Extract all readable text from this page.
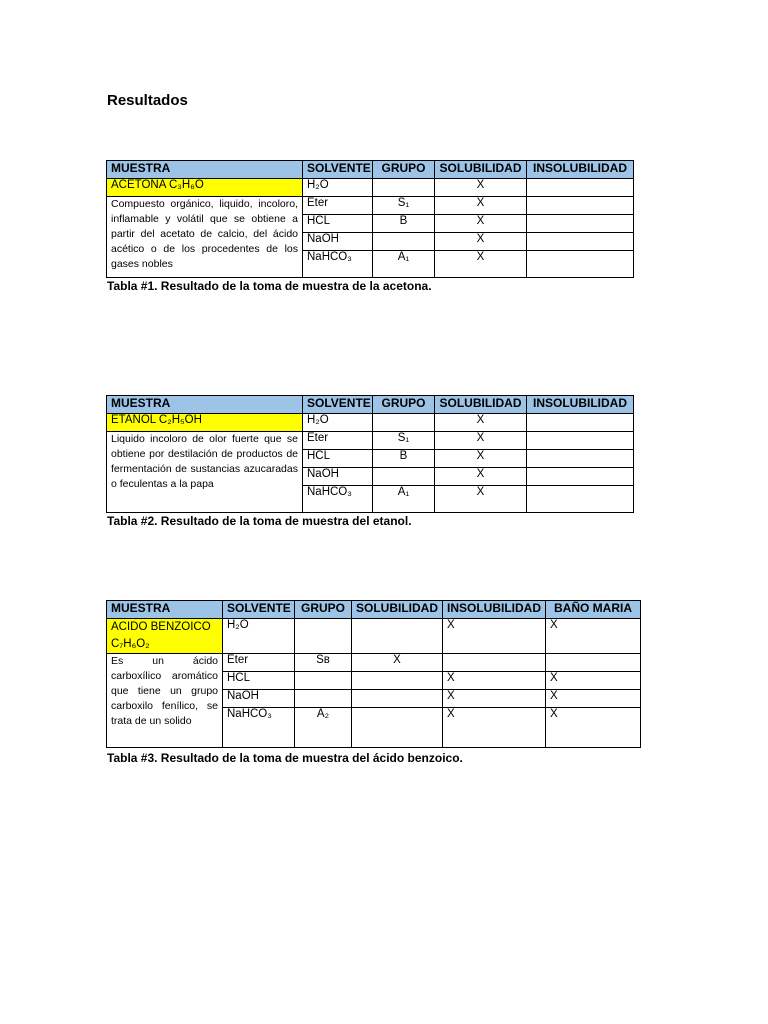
Resultados
MUESTRA	SOLVENTE	GRUPO	SOLUBILIDAD	INSOLUBILIDAD
ACETONA C₃H₆O	H₂O		X	
Compuesto orgánico, liquido, incoloro, inflamable y volátil que se obtiene a partir del acetato de calcio, del ácido acético o de los procedentes de los gases nobles	Éter	S₁	X	
	HCL	B	X	
	NaOH		X	
	NaHCO₃	A₁	X	
Tabla #1. Resultado de la toma de muestra de la acetona.
MUESTRA	SOLVENTE	GRUPO	SOLUBILIDAD	INSOLUBILIDAD
ETANOL C₂H₅OH	H₂O		X	
Liquido incoloro de olor fuerte que se obtiene por destilación de productos de fermentación de sustancias azucaradas o feculentas a la papa	Éter	S₁	X	
	HCL	B	X	
	NaOH		X	
	NaHCO₃	A₁	X	
Tabla #2. Resultado de la toma de muestra del etanol.
MUESTRA	SOLVENTE	GRUPO	SOLUBILIDAD	INSOLUBILIDAD	BAÑO MARIA
ACIDO BENZOICO C₇H₆O₂	H₂O			X	X
Es un ácido carboxílico aromático que tiene un grupo carboxilo fenílico, se trata de un solido	Éter	Sʙ	X		
	HCL			X	X
	NaOH			X	X
	NaHCO₃	A₂		X	X
Tabla #3. Resultado de la toma de muestra del ácido benzoico.
